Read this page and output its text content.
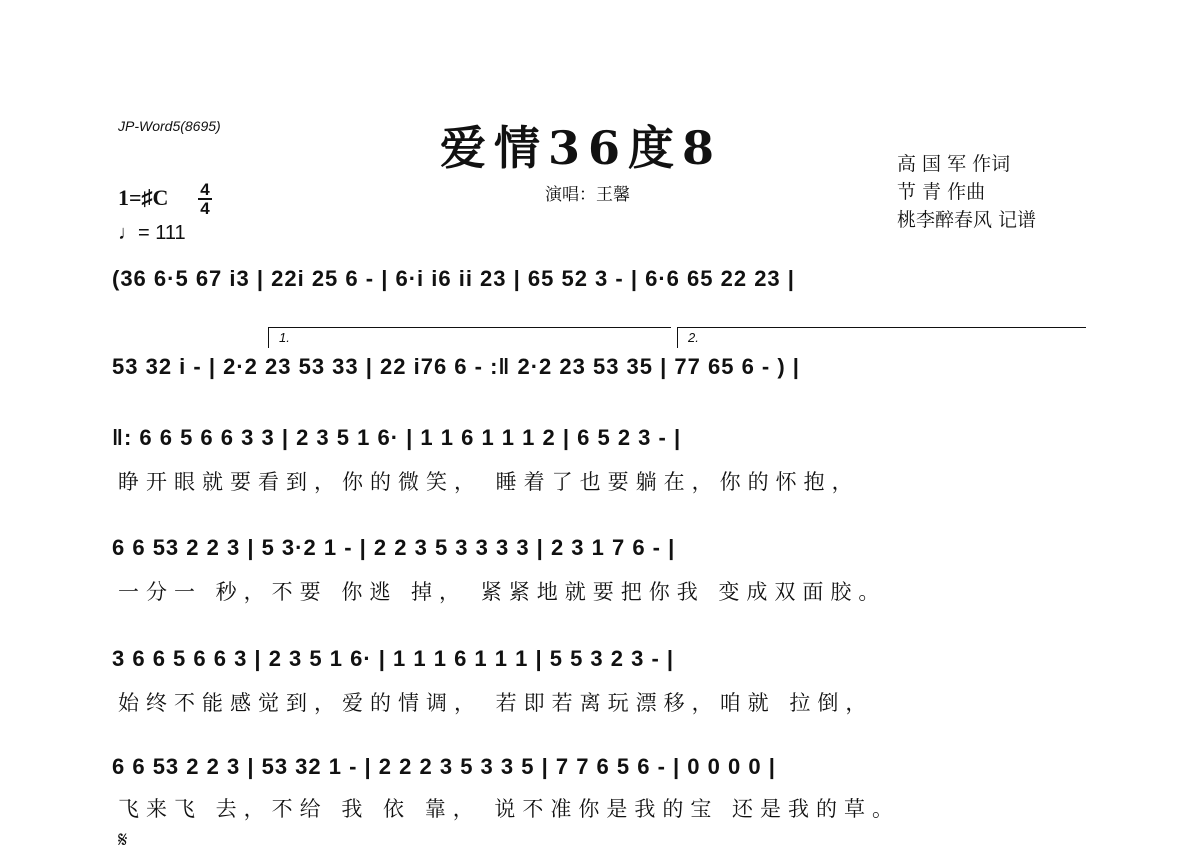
JP-Word5(8695)	爱情36度8
演唱：王馨
高 国 军 作词
节 青 作曲
桃李醉春风 记谱
1=♯C 4
4
♩= 111
1.	2.
(36 6·5 67 i3 | 22i 25 6 - | 6·i i6 ii 23 | 65 52 3 - | 6·6 65 22 23 |
53 32 i - | 2·2 23 53 33 | 22 i76 6 - :‖ 2·2 23 53 35 | 77 65 6 - ) |
‖: 6 6 5 6 6 3 3 | 2 3 5 1 6· | 1 1 6 1 1 1 2 | 6 5 2 3 - |
睁开眼就要看到，你的微笑， 睡着了也要躺在，你的怀抱，
6 6 53 2 2 3 | 5 3·2 1 - | 2 2 3 5 3 3 3 3 | 2 3 1 7 6 - |
一分一 秒，不要 你逃 掉， 紧紧地就要把你我 变成双面胶。
3 6 6 5 6 6 3 | 2 3 5 1 6· | 1 1 1 6 1 1 1 | 5 5 3 2 3 - |
始终不能感觉到，爱的情调， 若即若离玩漂移，咱就 拉倒，
6 6 53 2 2 3 | 53 32 1 - | 2 2 2 3 5 3 3 5 | 7 7 6 5 6 - | 0 0 0 0 |
飞来飞 去，不给 我 依 靠， 说不准你是我的宝 还是我的草。
𝄋
